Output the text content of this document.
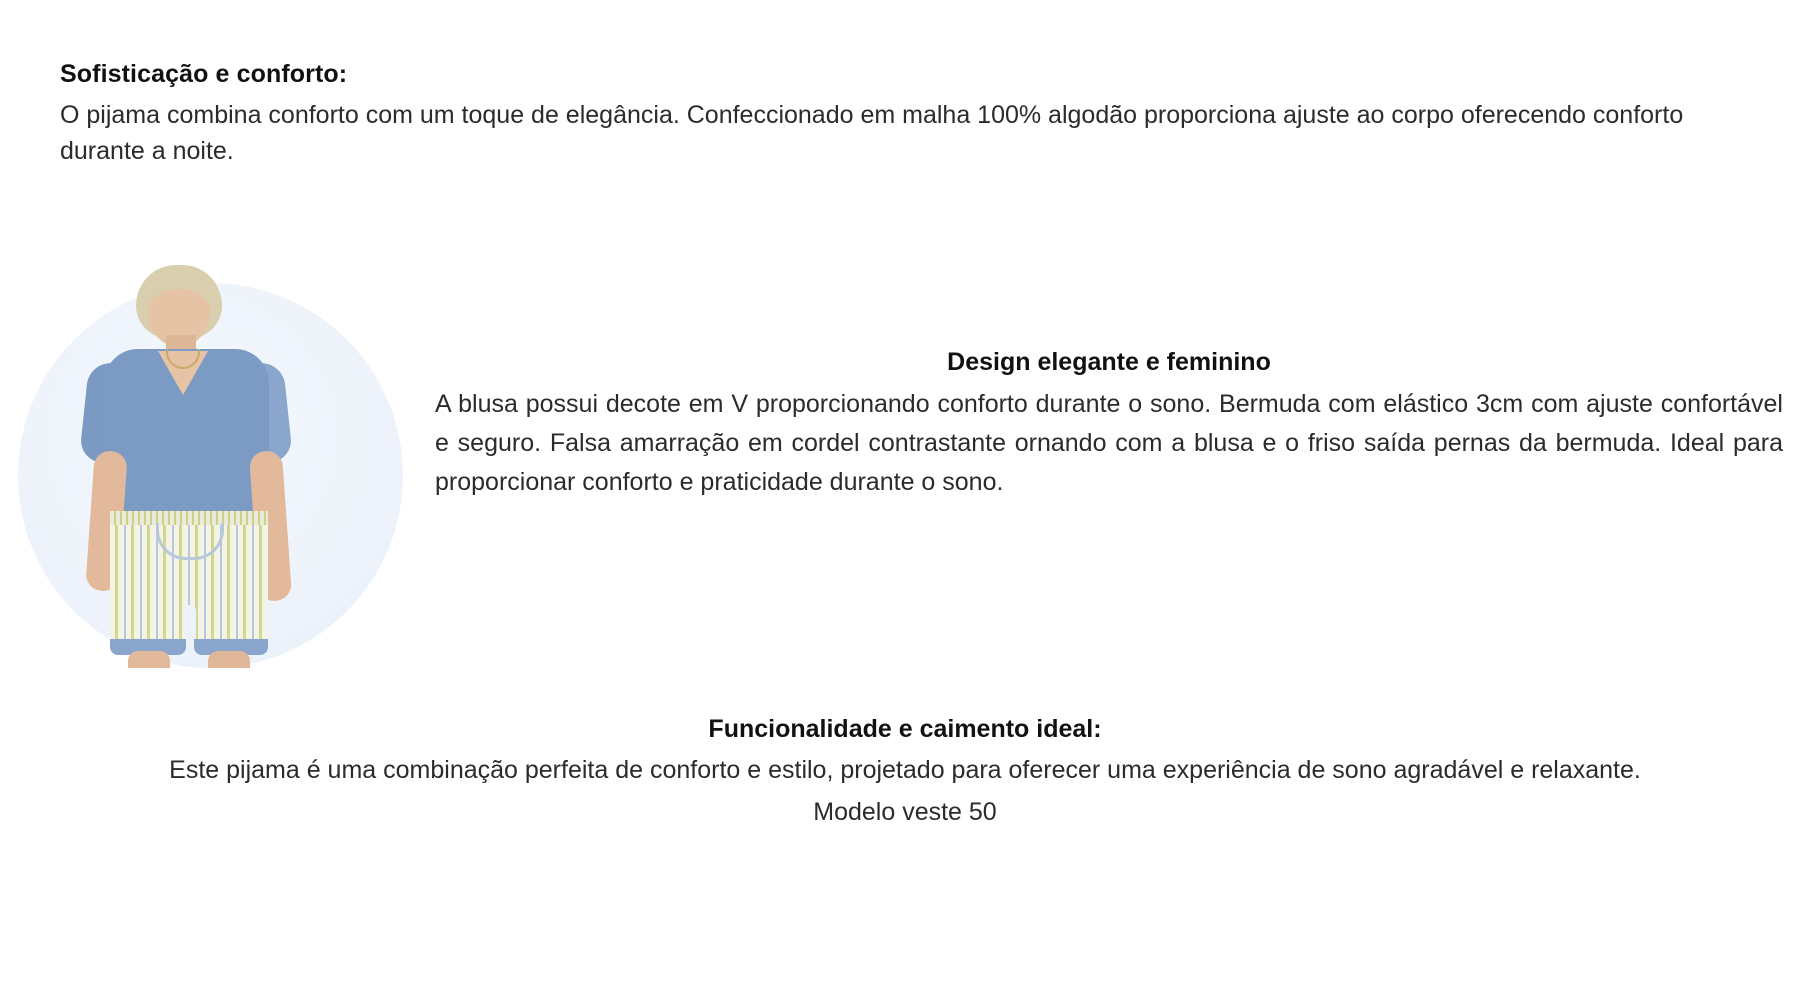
Sofisticação e conforto:

O pijama combina conforto com um toque de elegância. Confeccionado em malha 100% algodão proporciona ajuste ao corpo oferecendo conforto durante a noite.

Design elegante e feminino

A blusa possui decote em V proporcionando conforto durante o sono. Bermuda com elástico 3cm com ajuste confortável e seguro. Falsa amarração em cordel contrastante ornando com a blusa e o friso saída pernas da bermuda. Ideal para proporcionar conforto e praticidade durante o sono.

Funcionalidade e caimento ideal:

Este pijama é uma combinação perfeita de conforto e estilo, projetado para oferecer uma experiência de sono agradável e relaxante.

Modelo veste 50
